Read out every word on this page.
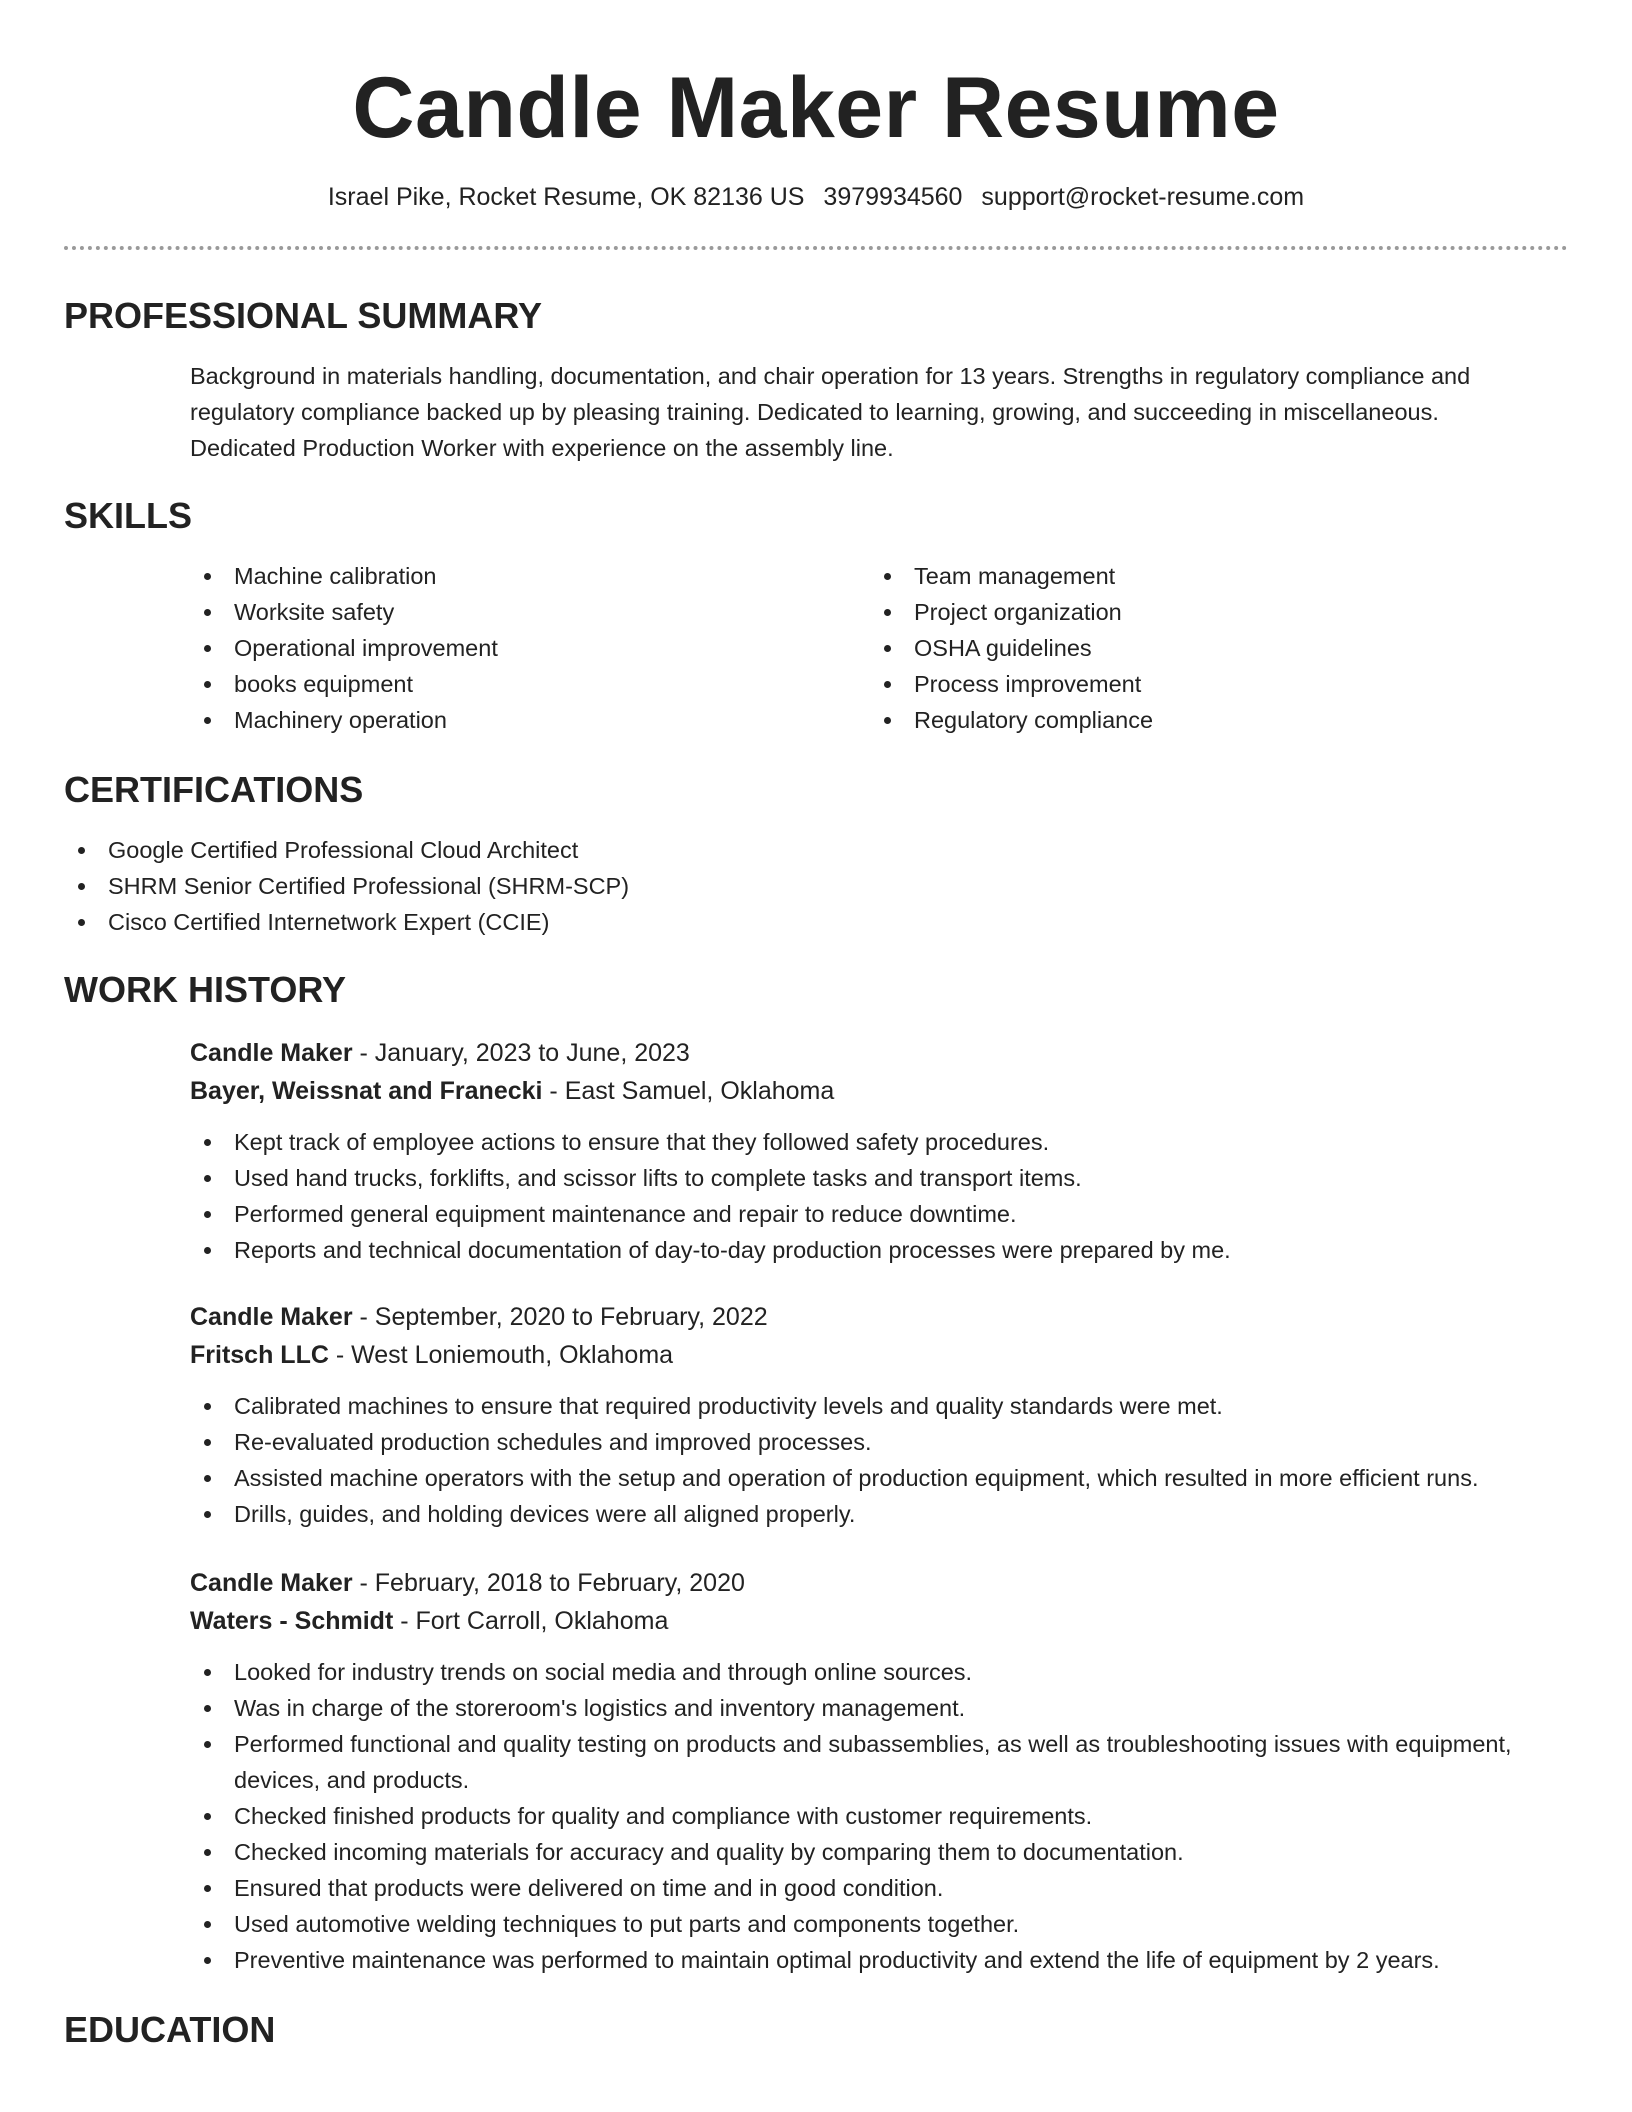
Candle Maker Resume
Israel Pike, Rocket Resume, OK 82136 US 3979934560 support@rocket-resume.com
PROFESSIONAL SUMMARY

Background in materials handling, documentation, and chair operation for 13 years. Strengths in regulatory compliance and

regulatory compliance backed up by pleasing training. Dedicated to learning, growing, and succeeding in miscellaneous.

Dedicated Production Worker with experience on the assembly line.

SKILLS
Machine calibration
Worksite safety
Operational improvement
books equipment
Machinery operation
Team management
Project organization
OSHA guidelines
Process improvement
Regulatory compliance
CERTIFICATIONS
Google Certified Professional Cloud Architect
SHRM Senior Certified Professional (SHRM-SCP)
Cisco Certified Internetwork Expert (CCIE)
WORK HISTORY
Candle Maker - January, 2023 to June, 2023
Bayer, Weissnat and Franecki - East Samuel, Oklahoma
Kept track of employee actions to ensure that they followed safety procedures.
Used hand trucks, forklifts, and scissor lifts to complete tasks and transport items.
Performed general equipment maintenance and repair to reduce downtime.
Reports and technical documentation of day-to-day production processes were prepared by me.
Candle Maker - September, 2020 to February, 2022
Fritsch LLC - West Loniemouth, Oklahoma
Calibrated machines to ensure that required productivity levels and quality standards were met.
Re-evaluated production schedules and improved processes.
Assisted machine operators with the setup and operation of production equipment, which resulted in more efficient runs.
Drills, guides, and holding devices were all aligned properly.
Candle Maker - February, 2018 to February, 2020
Waters - Schmidt - Fort Carroll, Oklahoma
Looked for industry trends on social media and through online sources.
Was in charge of the storeroom's logistics and inventory management.
Performed functional and quality testing on products and subassemblies, as well as troubleshooting issues with equipment, devices, and products.
Checked finished products for quality and compliance with customer requirements.
Checked incoming materials for accuracy and quality by comparing them to documentation.
Ensured that products were delivered on time and in good condition.
Used automotive welding techniques to put parts and components together.
Preventive maintenance was performed to maintain optimal productivity and extend the life of equipment by 2 years.
EDUCATION
